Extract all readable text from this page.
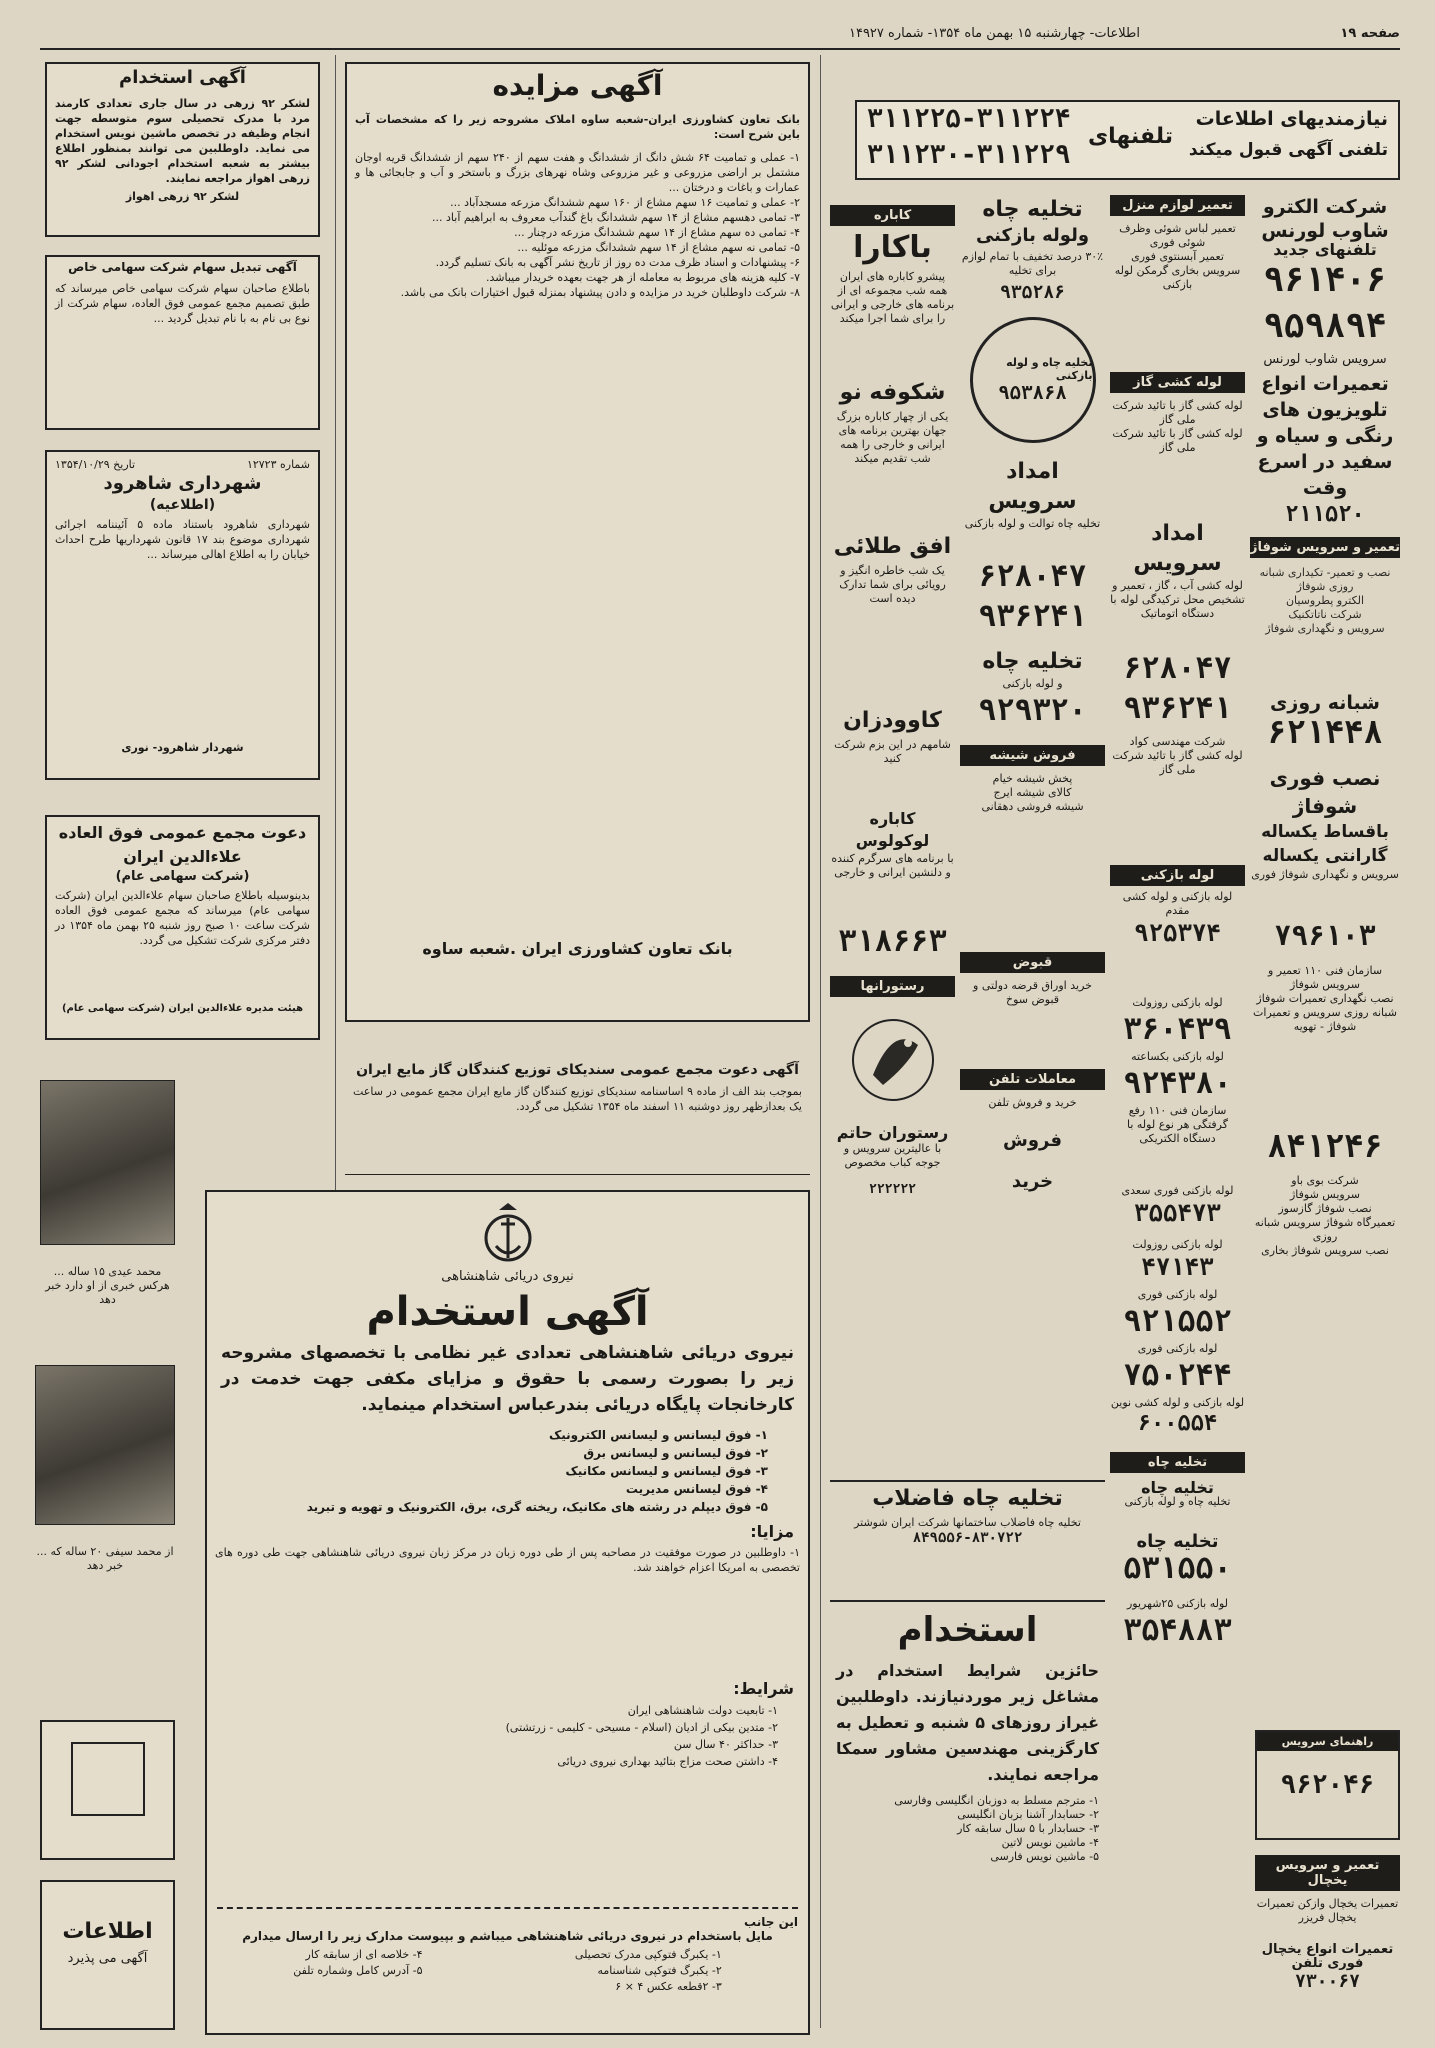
صفحه ۱۹
اطلاعات- چهارشنبه ۱۵ بهمن ماه ۱۳۵۴- شماره ۱۴۹۲۷
نیازمندیهای اطلاعات
تلفنی آگهی قبول میکند
تلفنهای
۳۱۱۲۲۵-۳۱۱۲۲۴
۳۱۱۲۳۰-۳۱۱۲۲۹
شرکت الکترو شاوب لورنس
تلفنهای جدید
۹۶۱۴۰۶
۹۵۹۸۹۴
سرویس شاوب لورنس
تعمیرات انواع تلویزیون های رنگی و سیاه و سفید در اسرع وقت
۲۱۱۵۲۰
تعمیر و سرویس شوفاژ
نصب و تعمیر- تکیداری شبانه روزی شوفاژ
الکترو پطروسیان
شرکت ناتاتکنیک
سرویس و نگهداری شوفاژ
شبانه روزی
۶۲۱۴۴۸
نصب فوری شوفاژ
باقساط یکساله گارانتی یکساله
سرویس و نگهداری شوفاژ فوری
۷۹۶۱۰۳
سازمان فنی ۱۱۰ تعمیر و سرویس شوفاژ
نصب نگهداری تعمیرات شوفاژ
شبانه روزی سرویس و تعمیرات شوفاژ - تهویه
۸۴۱۲۴۶
شرکت بوی باو
سرویس شوفاژ
نصب شوفاژ گازسوز
تعمیرگاه شوفاژ سرویس شبانه روزی
نصب سرویس شوفاژ بخاری
راهنمای سرویس
۹۶۲۰۴۶
تعمیر و سرویس یخچال
تعمیرات یخچال وازکن تعمیرات یخچال فریزر
تعمیرات انواع یخچال فوری تلفن
۷۳۰۰۶۷
تعمیر لوازم منزل
تعمیر لباس شوئی وظرف شوئی فوری
تعمیر آبسنتوی فوری
سرویس بخاری گرمکن لوله بازکنی
لوله کشی گاز
لوله کشی گاز با تائید شرکت ملی گاز
لوله کشی گاز با تائید شرکت ملی گاز
امداد سرویس
لوله کشی آب ، گاز ، تعمیر و تشخیص محل ترکیدگی لوله با دستگاه اتوماتیک
۶۲۸۰۴۷
۹۳۶۲۴۱
شرکت مهندسی کواد
لوله کشی گاز با تائید شرکت ملی گاز
لوله بازکنی
لوله بازکنی و لوله کشی مقدم
۹۲۵۳۷۴
لوله بازکنی روزولت
۳۶۰۴۳۹
لوله بازکنی بکساعته
۹۲۴۳۸۰
سازمان فنی ۱۱۰ رفع گرفتگی هر نوع لوله با دستگاه الکتریکی
لوله بازکنی فوری سعدی
۳۵۵۴۷۳
لوله بازکنی روزولت
۴۷۱۴۳
لوله بازکنی فوری
۹۲۱۵۵۲
لوله بازکنی فوری
۷۵۰۲۴۴
لوله بازکنی و لوله کشی نوین
۶۰۰۵۵۴
تخلیه چاه
تخلیه چاه
تخلیه چاه و لوله بازکنی
تخلیه چاه
۵۳۱۵۵۰
لوله بازکنی ۲۵شهریور
۳۵۴۸۸۳
تخلیه چاه
ولوله بازکنی
۳۰٪ درصد تخفیف با تمام لوازم برای تخلیه
۹۳۵۲۸۶
تخلیه چاه و لوله بازکنی
۹۵۳۸۶۸
امداد سرویس
تخلیه چاه توالت و لوله بازکنی
۶۲۸۰۴۷
۹۳۶۲۴۱
تخلیه چاه
و لوله بازکنی
۹۲۹۳۲۰
فروش شیشه
پخش شیشه خیام
کالای شیشه ایرج
شیشه فروشی دهقانی
قبوض
خرید اوراق قرضه دولتی و قبوض سوخ
معاملات تلفن
خرید و فروش تلفن
فروش
خرید
تخلیه چاه فاضلاب
تخلیه چاه فاضلاب ساختمانها شرکت ایران شوشتر
۸۴۹۵۵۶-۸۳۰۷۲۲
استخدام
حائزین شرایط استخدام در مشاغل زیر موردنیازند. داوطلبین غیراز روزهای ۵ شنبه و تعطیل به کارگزینی مهندسین مشاور سمکا مراجعه نمایند.
۱- مترجم مسلط به دوزبان انگلیسی وفارسی
۲- حسابدار آشنا بزبان انگلیسی
۳- حسابدار با ۵ سال سابقه کار
۴- ماشین نویس لاتین
۵- ماشین نویس فارسی
کاباره
باکارا
پیشرو کاباره های ایران همه شب مجموعه ای از برنامه های خارجی و ایرانی را برای شما اجرا میکند
شکوفه نو
یکی از چهار کاباره بزرگ جهان بهترین برنامه های ایرانی و خارجی را همه شب تقدیم میکند
افق طلائی
یک شب خاطره انگیز و رویائی برای شما تدارک دیده است
کاوودزان
شامهم در این بزم شرکت کنید
کاباره لوکولوس
با برنامه های سرگرم کننده و دلنشین ایرانی و خارجی
۳۱۸۶۶۳
رستورانها
رستوران حاتم
با عالیترین سرویس و جوجه کباب مخصوص
۲۲۲۲۲۲
آگهی مزایده
بانک تعاون کشاورزی ایران-شعبه ساوه املاک مشروحه زیر را که مشخصات آب باین شرح است:
۱- عملی و تمامیت ۶۴ شش دانگ از ششدانگ و هفت سهم از ۲۴۰ سهم از ششدانگ قریه اوجان مشتمل بر اراضی مزروعی و غیر مزروعی وشاه نهرهای بزرگ و باستخر و آب و جابجائی ها و عمارات و باغات و درختان ...
۲- عملی و تمامیت ۱۶ سهم مشاع از ۱۶۰ سهم ششدانگ مزرعه مسجدآباد ...
۳- تمامی دهسهم مشاع از ۱۴ سهم ششدانگ باغ گندآب معروف به ابراهیم آباد ...
۴- تمامی ده سهم مشاع از ۱۴ سهم ششدانگ مزرعه درچنار ...
۵- تمامی نه سهم مشاع از ۱۴ سهم ششدانگ مزرعه موئلیه ...
۶- پیشنهادات و اسناد ظرف مدت ده روز از تاریخ نشر آگهی به بانک تسلیم گردد.
۷- کلیه هزینه های مربوط به معامله از هر جهت بعهده خریدار میباشد.
۸- شرکت داوطلبان خرید در مزایده و دادن پیشنهاد بمنزله قبول اختیارات بانک می باشد.
بانک تعاون کشاورزی ایران .شعبه ساوه
آگهی دعوت مجمع عمومی سندیکای توزیع کنندگان گاز مایع ایران
بموجب بند الف از ماده ۹ اساسنامه سندیکای توزیع کنندگان گاز مایع ایران مجمع عمومی در ساعت یک بعدازظهر روز دوشنبه ۱۱ اسفند ماه ۱۳۵۴ تشکیل می گردد.
نیروی دریائی شاهنشاهی
آگهی استخدام
نیروی دریائی شاهنشاهی تعدادی غیر نظامی با تخصصهای مشروحه زیر را بصورت رسمی با حقوق و مزایای مکفی جهت خدمت در کارخانجات پایگاه دریائی بندرعباس استخدام مینماید.
۱- فوق لیسانس و لیسانس الکترونیک
۲- فوق لیسانس و لیسانس برق
۳- فوق لیسانس و لیسانس مکانیک
۴- فوق لیسانس مدیریت
۵- فوق دیپلم در رشته های مکانیک، ریخته گری، برق، الکترونیک و تهویه و تبرید
مزایا:
۱- داوطلبین در صورت موفقیت در مصاحبه پس از طی دوره زبان در مرکز زبان نیروی دریائی شاهنشاهی جهت طی دوره های تخصصی به امریکا اعزام خواهند شد.
شرایط:
۱- تابعیت دولت شاهنشاهی ایران
۲- متدین بیکی از ادیان (اسلام - مسیحی - کلیمی - زرتشتی)
۳- حداکثر ۴۰ سال سن
۴- داشتن صحت مزاج بتائید بهداری نیروی دریائی
این جانب
مایل باستخدام در نیروی دریائی شاهنشاهی میباشم و بپیوست مدارک زیر را ارسال میدارم
۱- یکبرگ فتوکپی مدرک تحصیلی
۲- یکبرگ فتوکپی شناسنامه
۳- ۲قطعه عکس ۴ × ۶
۴- خلاصه ای از سابقه کار
۵- آدرس کامل وشماره تلفن
آگهی استخدام
لشکر ۹۲ زرهی در سال جاری تعدادی کارمند مرد با مدرک تحصیلی سوم متوسطه جهت انجام وظیفه در تخصص ماشین نویس استخدام می نماید. داوطلبین می توانند بمنظور اطلاع بیشتر به شعبه استخدام اجودانی لشکر ۹۲ زرهی اهواز مراجعه نمایند.
لشکر ۹۲ زرهی اهواز
آگهی تبدیل سهام شرکت سهامی خاص
باطلاع صاحبان سهام شرکت سهامی خاص میرساند که طبق تصمیم مجمع عمومی فوق العاده، سهام شرکت از نوع بی نام به با نام تبدیل گردید ...
شماره ۱۲۷۲۳
تاریخ ۱۳۵۴/۱۰/۲۹
شهرداری شاهرود
(اطلاعیه)
شهرداری شاهرود باستناد ماده ۵ آئیننامه اجرائی شهرداری موضوع بند ۱۷ قانون شهرداریها طرح احداث خیابان را به اطلاع اهالی میرساند ...
شهردار شاهرود- نوری
دعوت مجمع عمومی فوق العاده علاءالدین ایران
(شرکت سهامی عام)
بدینوسیله باطلاع صاحبان سهام علاءالدین ایران (شرکت سهامی عام) میرساند که مجمع عمومی فوق العاده شرکت ساعت ۱۰ صبح روز شنبه ۲۵ بهمن ماه ۱۳۵۴ در دفتر مرکزی شرکت تشکیل می گردد.
هیئت مدیره علاءالدین ایران (شرکت سهامی عام)
محمد عیدی ۱۵ ساله ... هرکس خبری از او دارد خبر دهد
از محمد سیفی ۲۰ ساله که ... خبر دهد
اطلاعات
آگهی می پذیرد
